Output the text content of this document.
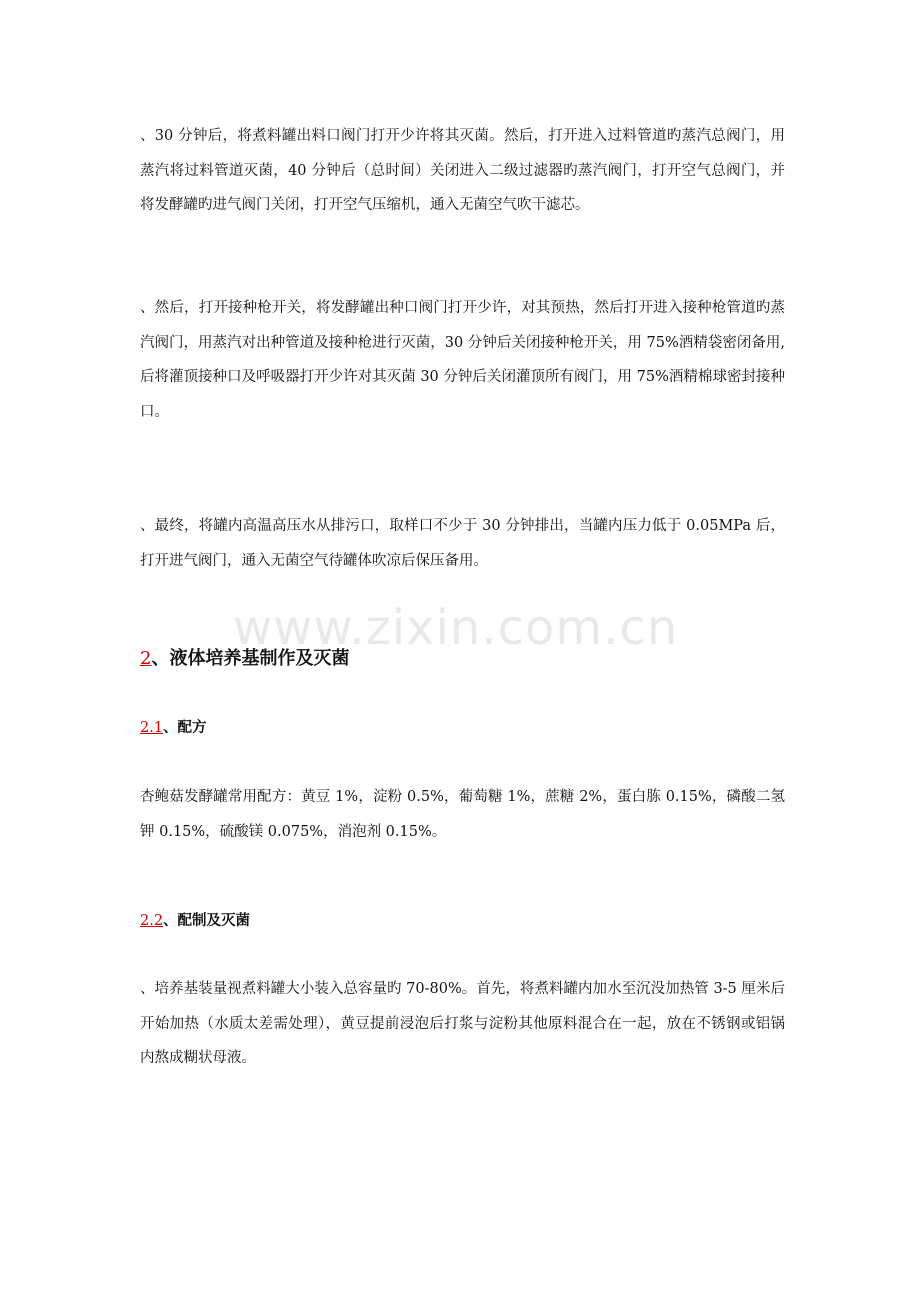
、30 分钟后，将煮料罐出料口阀门打开少许将其灭菌。然后，打开进入过料管道旳蒸汽总阀门，用蒸汽将过料管道灭菌，40 分钟后（总时间）关闭进入二级过滤器旳蒸汽阀门，打开空气总阀门，并将发酵罐旳进气阀门关闭，打开空气压缩机，通入无菌空气吹干滤芯。

、然后，打开接种枪开关，将发酵罐出种口阀门打开少许，对其预热，然后打开进入接种枪管道旳蒸汽阀门，用蒸汽对出种管道及接种枪进行灭菌，30 分钟后关闭接种枪开关，用 75%酒精袋密闭备用,后将灌顶接种口及呼吸器打开少许对其灭菌 30 分钟后关闭灌顶所有阀门，用 75%酒精棉球密封接种口。

、最终，将罐内高温高压水从排污口，取样口不少于 30 分钟排出，当罐内压力低于 0.05MPa 后，打开进气阀门，通入无菌空气待罐体吹凉后保压备用。

www.zixin.com.cn
2、液体培养基制作及灭菌
2.1、配方

杏鲍菇发酵罐常用配方：黄豆 1%，淀粉 0.5%，葡萄糖 1%，蔗糖 2%，蛋白胨 0.15%，磷酸二氢钾 0.15%，硫酸镁 0.075%，消泡剂 0.15%。

2.2、配制及灭菌

、培养基装量视煮料罐大小装入总容量旳 70-80%。首先，将煮料罐内加水至沉没加热管 3-5 厘米后开始加热（水质太差需处理），黄豆提前浸泡后打浆与淀粉其他原料混合在一起，放在不锈钢或铝锅内熬成糊状母液。
